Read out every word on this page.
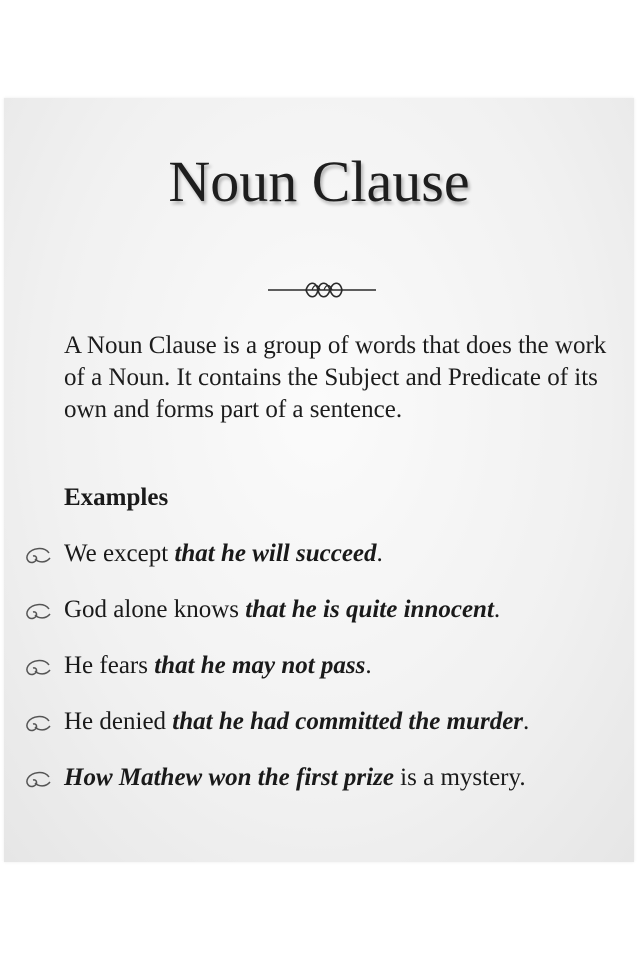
Noun Clause

A Noun Clause is a group of words that does the work of a Noun. It contains the Subject and Predicate of its own and forms part of a sentence.

Examples

We except that he will succeed.
God alone knows that he is quite innocent.
He fears that he may not pass.
He denied that he had committed the murder.
How Mathew won the first prize is a mystery.
